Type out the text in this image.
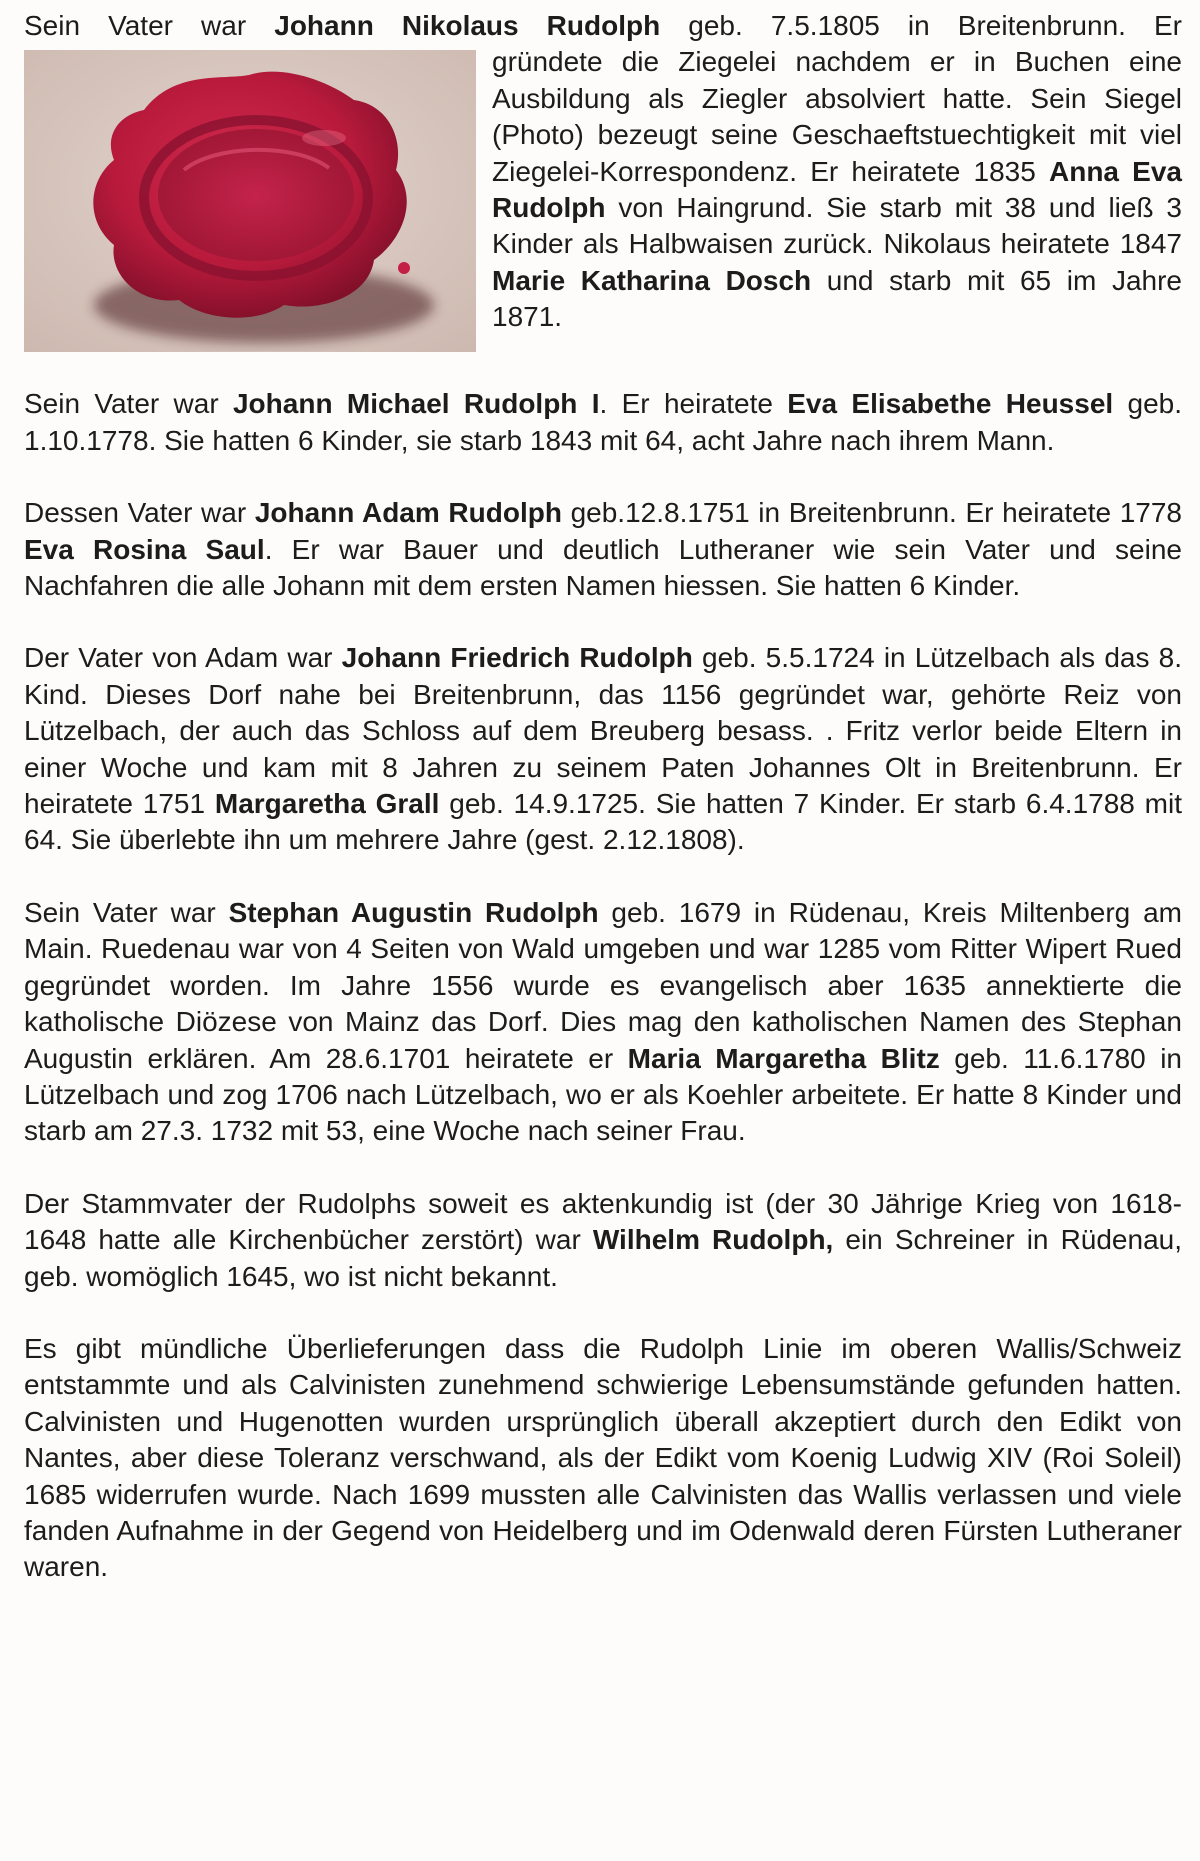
Sein Vater war Johann Nikolaus Rudolph geb. 7.5.1805 in Breitenbrunn. Er
gründete die Ziegelei nachdem er in Buchen eine Ausbildung als Ziegler absolviert hatte. Sein Siegel (Photo) bezeugt seine Geschaeftstuechtigkeit mit viel Ziegelei-Korrespondenz. Er heiratete 1835 Anna Eva Rudolph von Haingrund. Sie starb mit 38 und ließ 3 Kinder als Halbwaisen zurück. Nikolaus heiratete 1847 Marie Katharina Dosch und starb mit 65 im Jahre 1871.

Sein Vater war Johann Michael Rudolph I. Er heiratete Eva Elisabethe Heussel geb. 1.10.1778. Sie hatten 6 Kinder, sie starb 1843 mit 64, acht Jahre nach ihrem Mann.

Dessen Vater war Johann Adam Rudolph geb.12.8.1751 in Breitenbrunn. Er heiratete 1778 Eva Rosina Saul. Er war Bauer und deutlich Lutheraner wie sein Vater und seine Nachfahren die alle Johann mit dem ersten Namen hiessen. Sie hatten 6 Kinder.

Der Vater von Adam war Johann Friedrich Rudolph geb. 5.5.1724 in Lützelbach als das 8. Kind. Dieses Dorf nahe bei Breitenbrunn, das 1156 gegründet war, gehörte Reiz von Lützelbach, der auch das Schloss auf dem Breuberg besass. . Fritz verlor beide Eltern in einer Woche und kam mit 8 Jahren zu seinem Paten Johannes Olt in Breitenbrunn. Er heiratete 1751 Margaretha Grall geb. 14.9.1725. Sie hatten 7 Kinder. Er starb 6.4.1788 mit 64. Sie überlebte ihn um mehrere Jahre (gest. 2.12.1808).

Sein Vater war Stephan Augustin Rudolph geb. 1679 in Rüdenau, Kreis Miltenberg am Main. Ruedenau war von 4 Seiten von Wald umgeben und war 1285 vom Ritter Wipert Rued gegründet worden. Im Jahre 1556 wurde es evangelisch aber 1635 annektierte die katholische Diözese von Mainz das Dorf. Dies mag den katholischen Namen des Stephan Augustin erklären. Am 28.6.1701 heiratete er Maria Margaretha Blitz geb. 11.6.1780 in Lützelbach und zog 1706 nach Lützelbach, wo er als Koehler arbeitete. Er hatte 8 Kinder und starb am 27.3. 1732 mit 53, eine Woche nach seiner Frau.

Der Stammvater der Rudolphs soweit es aktenkundig ist (der 30 Jährige Krieg von 1618-1648 hatte alle Kirchenbücher zerstört) war Wilhelm Rudolph, ein Schreiner in Rüdenau, geb. womöglich 1645, wo ist nicht bekannt.

Es gibt mündliche Überlieferungen dass die Rudolph Linie im oberen Wallis/Schweiz entstammte und als Calvinisten zunehmend schwierige Lebensumstände gefunden hatten. Calvinisten und Hugenotten wurden ursprünglich überall akzeptiert durch den Edikt von Nantes, aber diese Toleranz verschwand, als der Edikt vom Koenig Ludwig XIV (Roi Soleil) 1685 widerrufen wurde. Nach 1699 mussten alle Calvinisten das Wallis verlassen und viele fanden Aufnahme in der Gegend von Heidelberg und im Odenwald deren Fürsten Lutheraner waren.
